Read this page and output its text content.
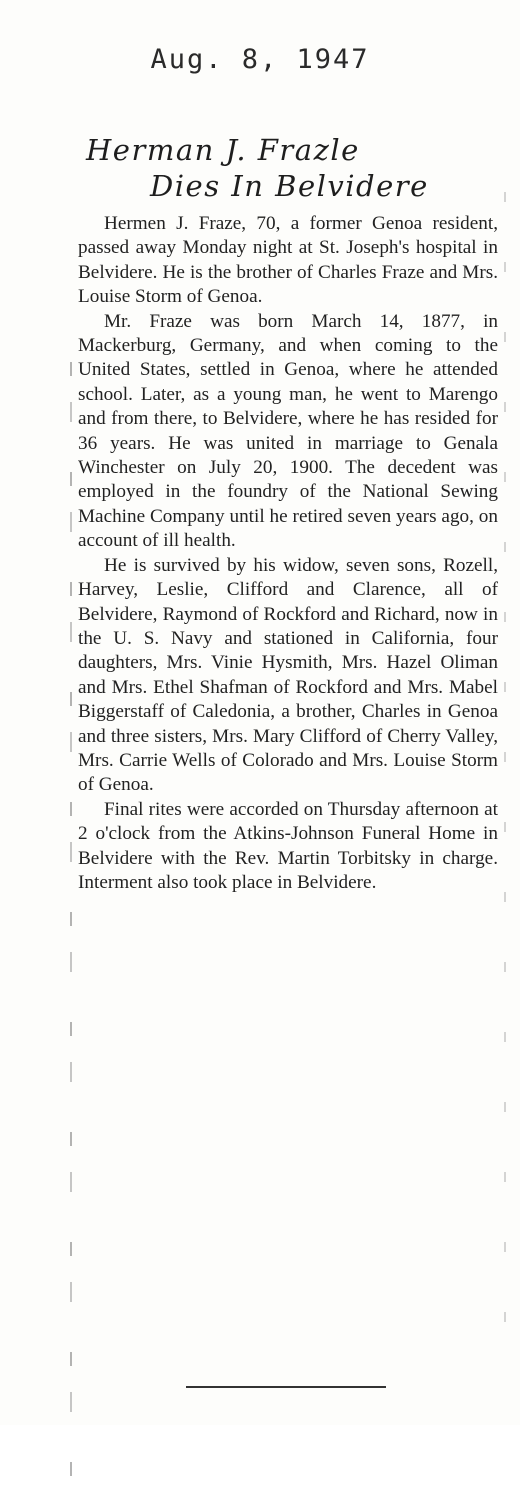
Aug. 8, 1947
Herman J. Frazle
Dies In Belvidere

Hermen J. Fraze, 70, a former Genoa resident, passed away Monday night at St. Joseph's hospital in Belvidere. He is the brother of Charles Fraze and Mrs. Louise Storm of Genoa.

Mr. Fraze was born March 14, 1877, in Mackerburg, Germany, and when coming to the United States, settled in Genoa, where he attended school. Later, as a young man, he went to Marengo and from there, to Belvidere, where he has resided for 36 years. He was united in marriage to Genala Winchester on July 20, 1900. The decedent was employed in the foundry of the National Sewing Machine Company until he retired seven years ago, on account of ill health.

He is survived by his widow, seven sons, Rozell, Harvey, Leslie, Clifford and Clarence, all of Belvidere, Raymond of Rockford and Richard, now in the U. S. Navy and stationed in California, four daughters, Mrs. Vinie Hysmith, Mrs. Hazel Oliman and Mrs. Ethel Shafman of Rockford and Mrs. Mabel Biggerstaff of Caledonia, a brother, Charles in Genoa and three sisters, Mrs. Mary Clifford of Cherry Valley, Mrs. Carrie Wells of Colorado and Mrs. Louise Storm of Genoa.

Final rites were accorded on Thursday afternoon at 2 o'clock from the Atkins-Johnson Funeral Home in Belvidere with the Rev. Martin Torbitsky in charge. Interment also took place in Belvidere.
